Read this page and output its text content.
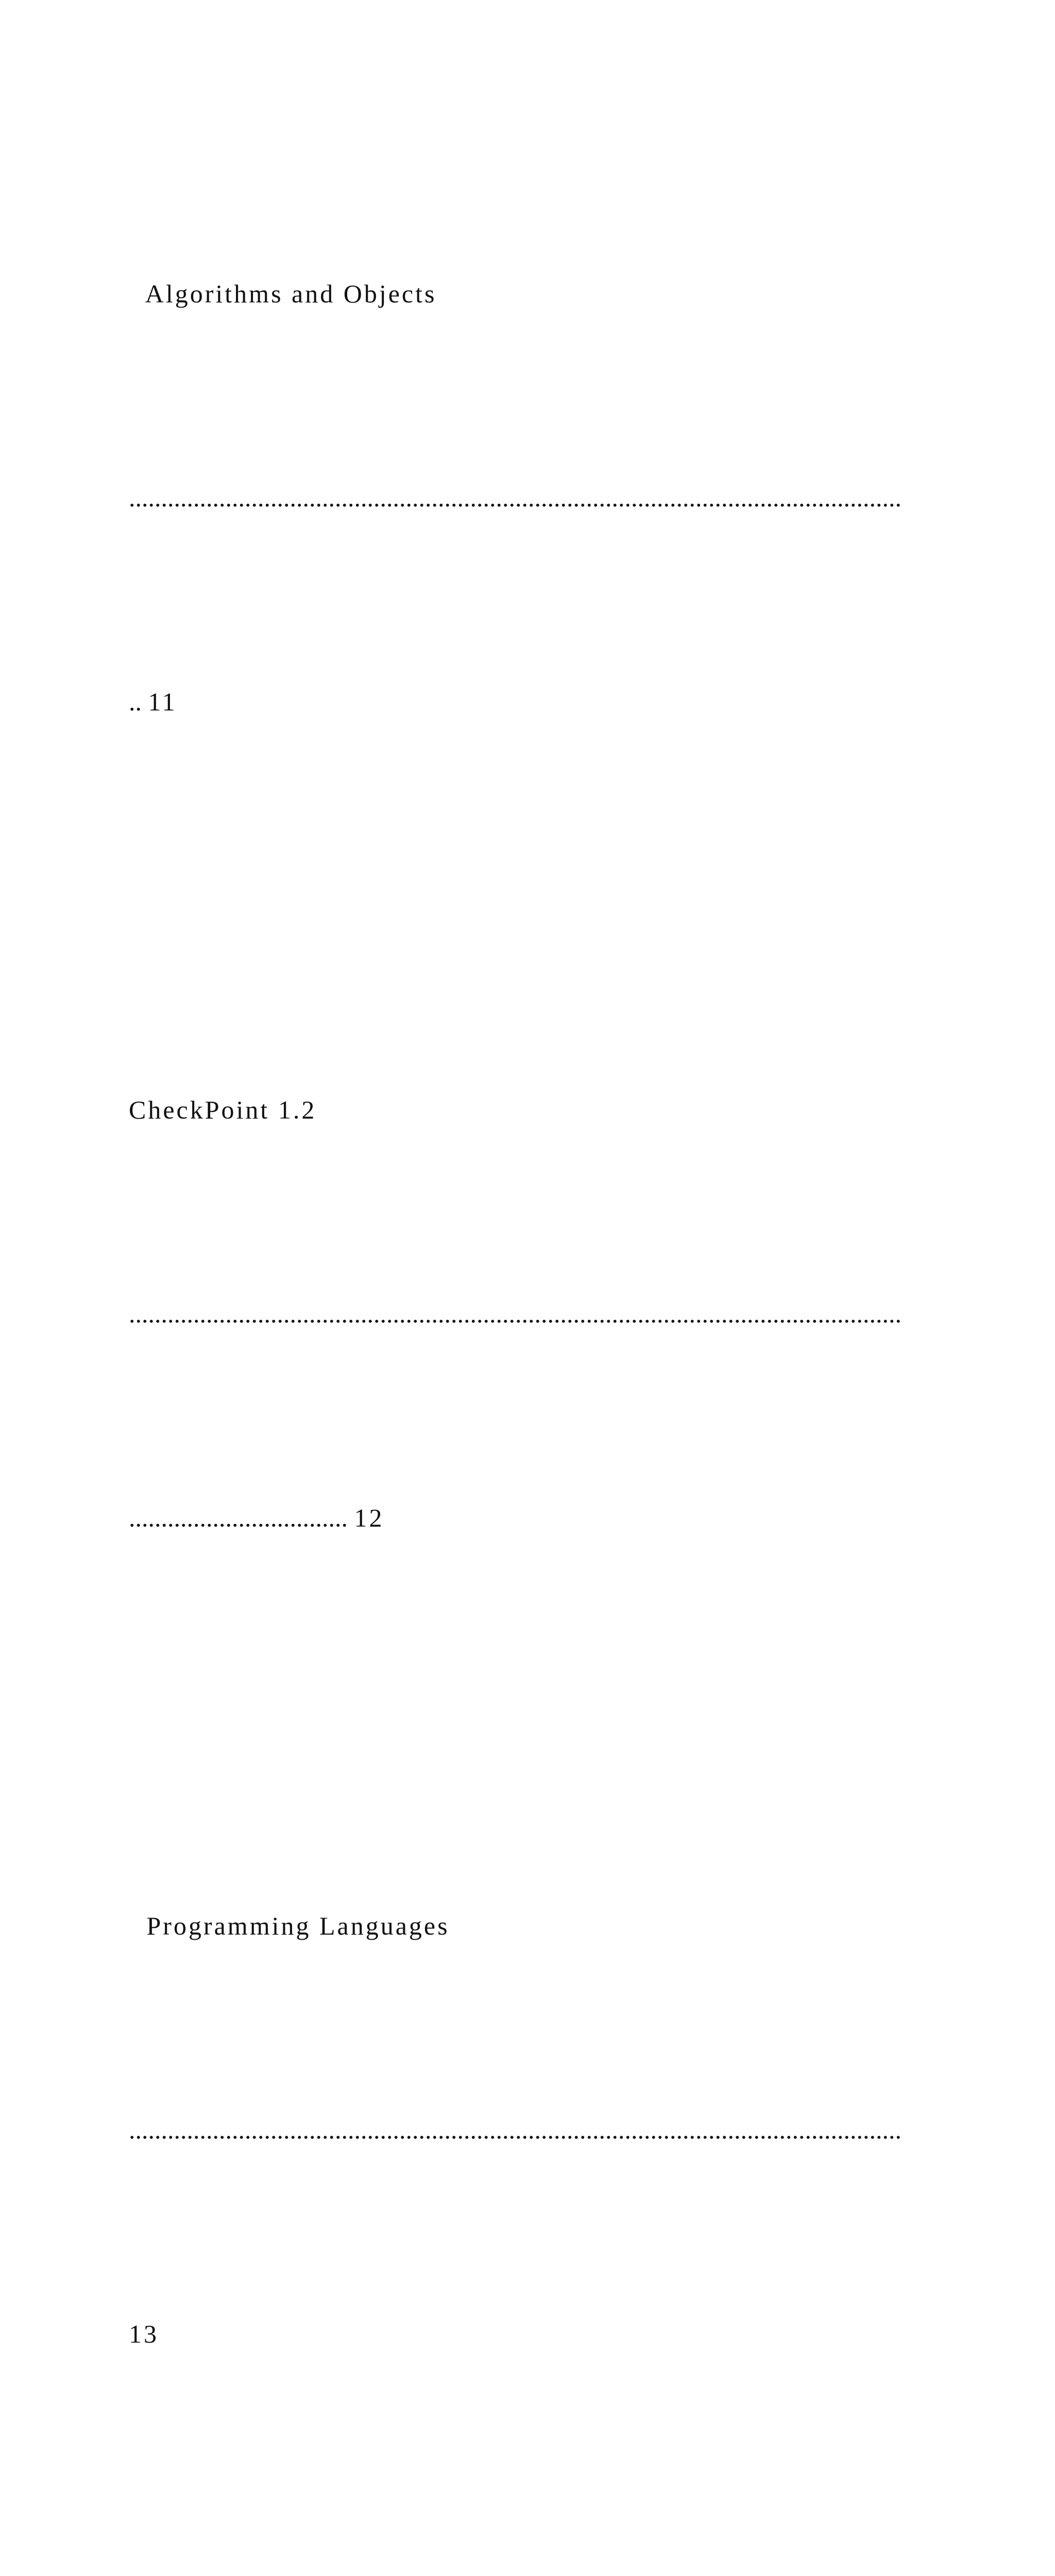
Algorithms and Objects

........................................................................................................................

.. 11

CheckPoint 1.2

........................................................................................................................

.................................. 12

Programming Languages

........................................................................................................................

13
